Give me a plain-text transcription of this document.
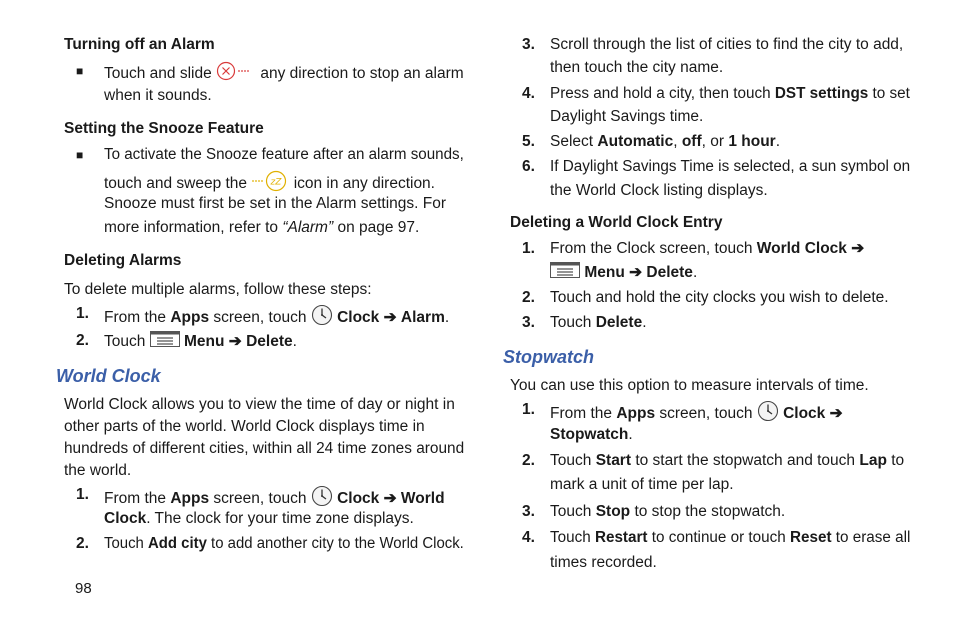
Turning off an Alarm
■ Touch and slide	any direction to stop an alarm
when it sounds.
Setting the Snooze Feature
■ To activate the Snooze feature after an alarm sounds,
touch and sweep the	zZ icon in any direction.
Snooze must first be set in the Alarm settings. For
more information, refer to “Alarm” on page 97.
Deleting Alarms
To delete multiple alarms, follow these steps:
1. From the Apps screen, touch Clock ➔ Alarm.
2. Touch Menu ➔ Delete.
World Clock
World Clock allows you to view the time of day or night in
other parts of the world. World Clock displays time in
hundreds of different cities, within all 24 time zones around
the world.
1. From the Apps screen, touch Clock ➔ World
Clock. The clock for your time zone displays.
2. Touch Add city to add another city to the World Clock.
98
3. Scroll through the list of cities to find the city to add,
then touch the city name.
4. Press and hold a city, then touch DST settings to set
Daylight Savings time.
5. Select Automatic, off, or 1 hour.
6. If Daylight Savings Time is selected, a sun symbol on
the World Clock listing displays.
Deleting a World Clock Entry
1. From the Clock screen, touch World Clock ➔
Menu ➔ Delete.
2. Touch and hold the city clocks you wish to delete.
3. Touch Delete.
Stopwatch
You can use this option to measure intervals of time.
1. From the Apps screen, touch Clock ➔
Stopwatch.
2. Touch Start to start the stopwatch and touch Lap to
mark a unit of time per lap.
3. Touch Stop to stop the stopwatch.
4. Touch Restart to continue or touch Reset to erase all
times recorded.
